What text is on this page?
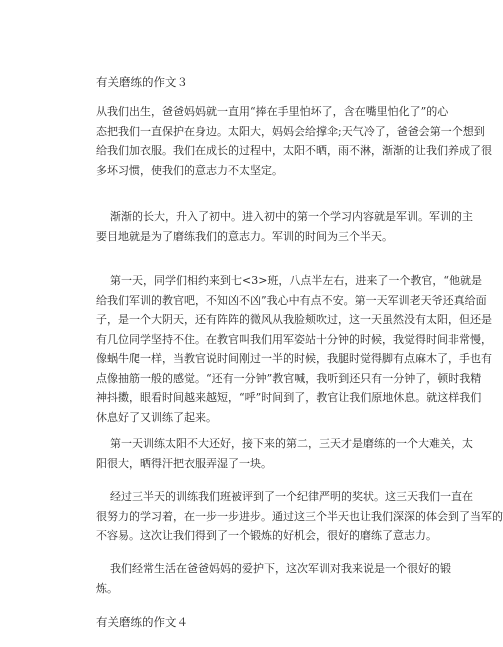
有关磨练的作文３

从我们出生，爸爸妈妈就一直用“捧在手里怕坏了，含在嘴里怕化了”的心
态把我们一直保护在身边。太阳大，妈妈会给撑伞;天气冷了，爸爸会第一个想到
给我们加衣服。我们在成长的过程中，太阳不晒，雨不淋，渐渐的让我们养成了很
多坏习惯，使我们的意志力不太坚定。

渐渐的长大，升入了初中。进入初中的第一个学习内容就是军训。军训的主
要目地就是为了磨练我们的意志力。军训的时间为三个半天。

第一天，同学们相约来到七<3>班，八点半左右，进来了一个教官，“他就是
给我们军训的教官吧，不知凶不凶”我心中有点不安。第一天军训老天爷还真给面
子，是一个大阴天，还有阵阵的微风从我脸颊吹过，这一天虽然没有太阳，但还是
有几位同学坚持不住。在教官叫我们用军姿站十分钟的时候，我觉得时间非常慢，
像蜗牛爬一样，当教官说时间刚过一半的时候，我腿时觉得脚有点麻木了，手也有
点像抽筋一般的感觉。“还有一分钟”教官喊，我听到还只有一分钟了，顿时我精
神抖擞，眼看时间越来越短，“呼”时间到了，教官让我们原地休息。就这样我们
休息好了又训练了起来。

第一天训练太阳不大还好，接下来的第二，三天才是磨练的一个大难关，太
阳很大，晒得汗把衣服弄湿了一块。

经过三半天的训练我们班被评到了一个纪律严明的奖状。这三天我们一直在
很努力的学习着，在一步一步进步。通过这三个半天也让我们深深的体会到了当军的
不容易。这次让我们得到了一个锻炼的好机会，很好的磨练了意志力。

我们经常生活在爸爸妈妈的爱护下，这次军训对我来说是一个很好的锻
炼。

有关磨练的作文４
